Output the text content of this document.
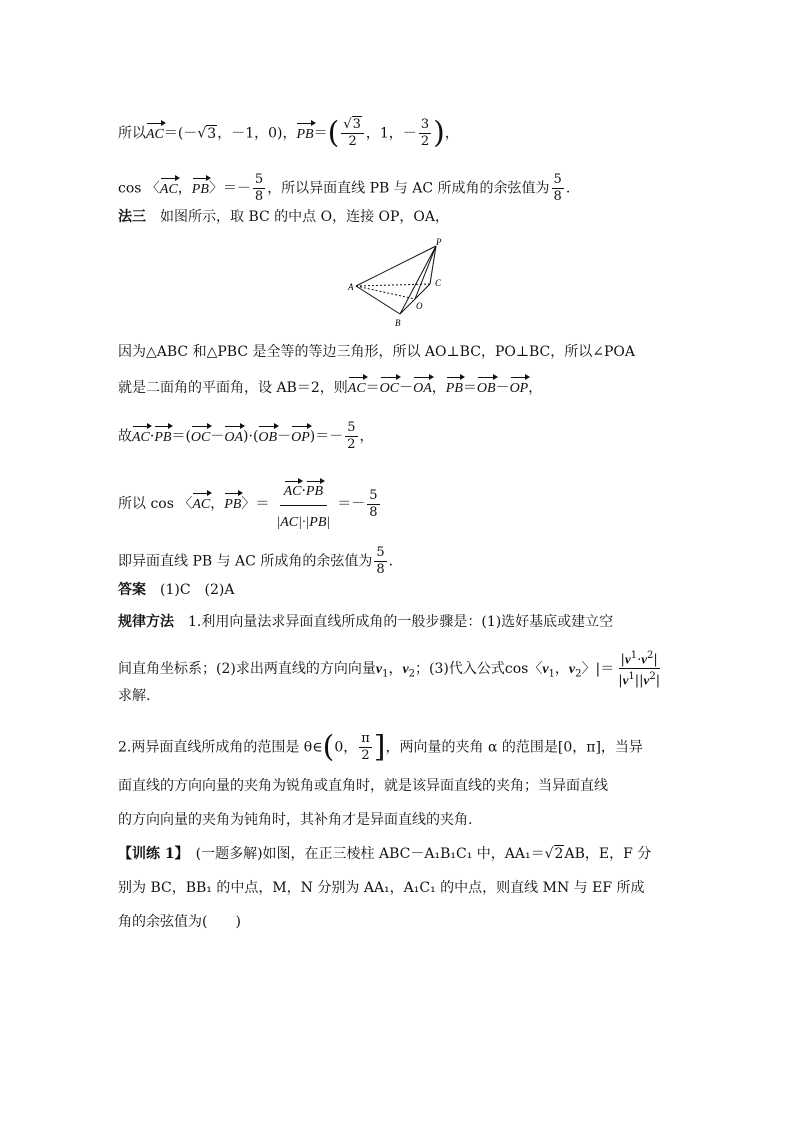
所以AC＝(－√3，－1，0)，$PB=( \frac{√3}{2}$ ，1，－ $\frac{3}{2}$ )，
cos 〈AC，PB〉＝－ $\frac{5}{8}$ ，所以异面直线 PB 与 AC 所成角的余弦值为 $\frac{5}{8}$ .
法三　如图所示，取 BC 的中点 O，连接 OP，OA，
P
A	C
O
B
因为△ABC 和△PBC 是全等的等边三角形，所以 AO⊥BC，PO⊥BC，所以∠POA
就是二面角的平面角，设 AB＝2，则AC＝OC－OA，PB＝OB－OP，
故$AC\cdot PB=(OC-OA)\cdot(OB-OP)=- \frac{5}{2}$ ，
所以 cos 〈AC，PB〉＝ $\frac{AC\cdot PB}{|AC|\cdot|PB|} =- \frac{5}{8}$
即异面直线 PB 与 AC 所成角的余弦值为 $\frac{5}{8}$ .
答案　(1)C　(2)A
规律方法　1.利用向量法求异面直线所成角的一般步骤是：(1)选好基底或建立空
间直角坐标系；(2)求出两直线的方向向量$v_1$，$v_2$；(3)代入公式cos〈$v_1$，$v_2$〉|＝ $\frac{|v^1\cdot v^2|}{|v^1||v^2|}$
求解.
2.两异面直线所成角的范围是 θ∈(0， $\frac{\pi}{2}$ ]，两向量的夹角 α 的范围是[0，π]，当异
面直线的方向向量的夹角为锐角或直角时，就是该异面直线的夹角；当异面直线
的方向向量的夹角为钝角时，其补角才是异面直线的夹角.
【训练 1】　(一题多解)如图，在正三棱柱 ABC－A₁B₁C₁ 中，AA₁＝√2AB，E，F 分
别为 BC，BB₁ 的中点，M，N 分别为 AA₁，A₁C₁ 的中点，则直线 MN 与 EF 所成
角的余弦值为(　　)
